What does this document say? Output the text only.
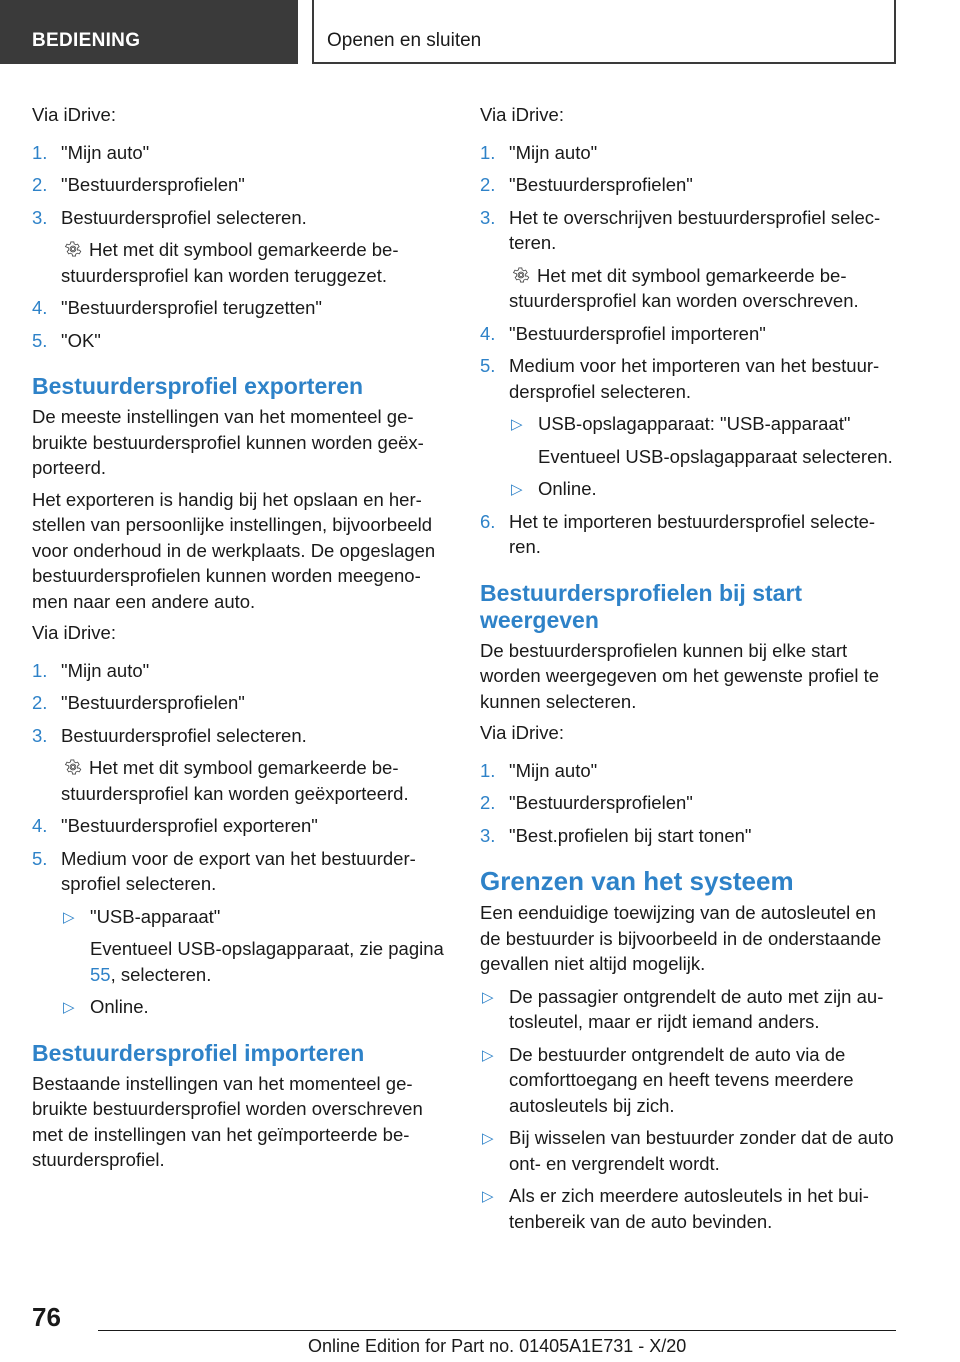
BEDIENING	Openen en sluiten

Via iDrive:

1. "Mijn auto"
2. "Bestuurdersprofielen"
3. Bestuurdersprofiel selecteren.
Het met dit symbool gemarkeerde bestuurdersprofiel kan worden teruggezet.
4. "Bestuurdersprofiel terugzetten"
5. "OK"
Bestuurdersprofiel exporteren

De meeste instellingen van het momenteel gebruikte bestuurdersprofiel kunnen worden geëxporteerd.

Het exporteren is handig bij het opslaan en herstellen van persoonlijke instellingen, bijvoorbeeld voor onderhoud in de werkplaats. De opgeslagen bestuurdersprofielen kunnen worden meegenomen naar een andere auto.

Via iDrive:

1. "Mijn auto"
2. "Bestuurdersprofielen"
3. Bestuurdersprofiel selecteren.
Het met dit symbool gemarkeerde bestuurdersprofiel kan worden geëxporteerd.
4. "Bestuurdersprofiel exporteren"
5. Medium voor de export van het bestuurdersprofiel selecteren.
▷ "USB-apparaat"
Eventueel USB-opslagapparaat, zie pagina 55, selecteren.
▷ Online.
Bestuurdersprofiel importeren

Bestaande instellingen van het momenteel gebruikte bestuurdersprofiel worden overschreven met de instellingen van het geïmporteerde bestuurdersprofiel.

Via iDrive:

1. "Mijn auto"
2. "Bestuurdersprofielen"
3. Het te overschrijven bestuurdersprofiel selecteren.
Het met dit symbool gemarkeerde bestuurdersprofiel kan worden overschreven.
4. "Bestuurdersprofiel importeren"
5. Medium voor het importeren van het bestuurdersprofiel selecteren.
▷ USB-opslagapparaat: "USB-apparaat"
Eventueel USB-opslagapparaat selecteren.
▷ Online.
6. Het te importeren bestuurdersprofiel selecteren.
Bestuurdersprofielen bij start weergeven

De bestuurdersprofielen kunnen bij elke start worden weergegeven om het gewenste profiel te kunnen selecteren.

Via iDrive:

1. "Mijn auto"
2. "Bestuurdersprofielen"
3. "Best.profielen bij start tonen"
Grenzen van het systeem

Een eenduidige toewijzing van de autosleutel en de bestuurder is bijvoorbeeld in de onderstaande gevallen niet altijd mogelijk.

▷ De passagier ontgrendelt de auto met zijn autosleutel, maar er rijdt iemand anders.
▷ De bestuurder ontgrendelt de auto via de comforttoegang en heeft tevens meerdere autosleutels bij zich.
▷ Bij wisselen van bestuurder zonder dat de auto ont- en vergrendelt wordt.
▷ Als er zich meerdere autosleutels in het buitenbereik van de auto bevinden.
76
Online Edition for Part no. 01405A1E731 - X/20
